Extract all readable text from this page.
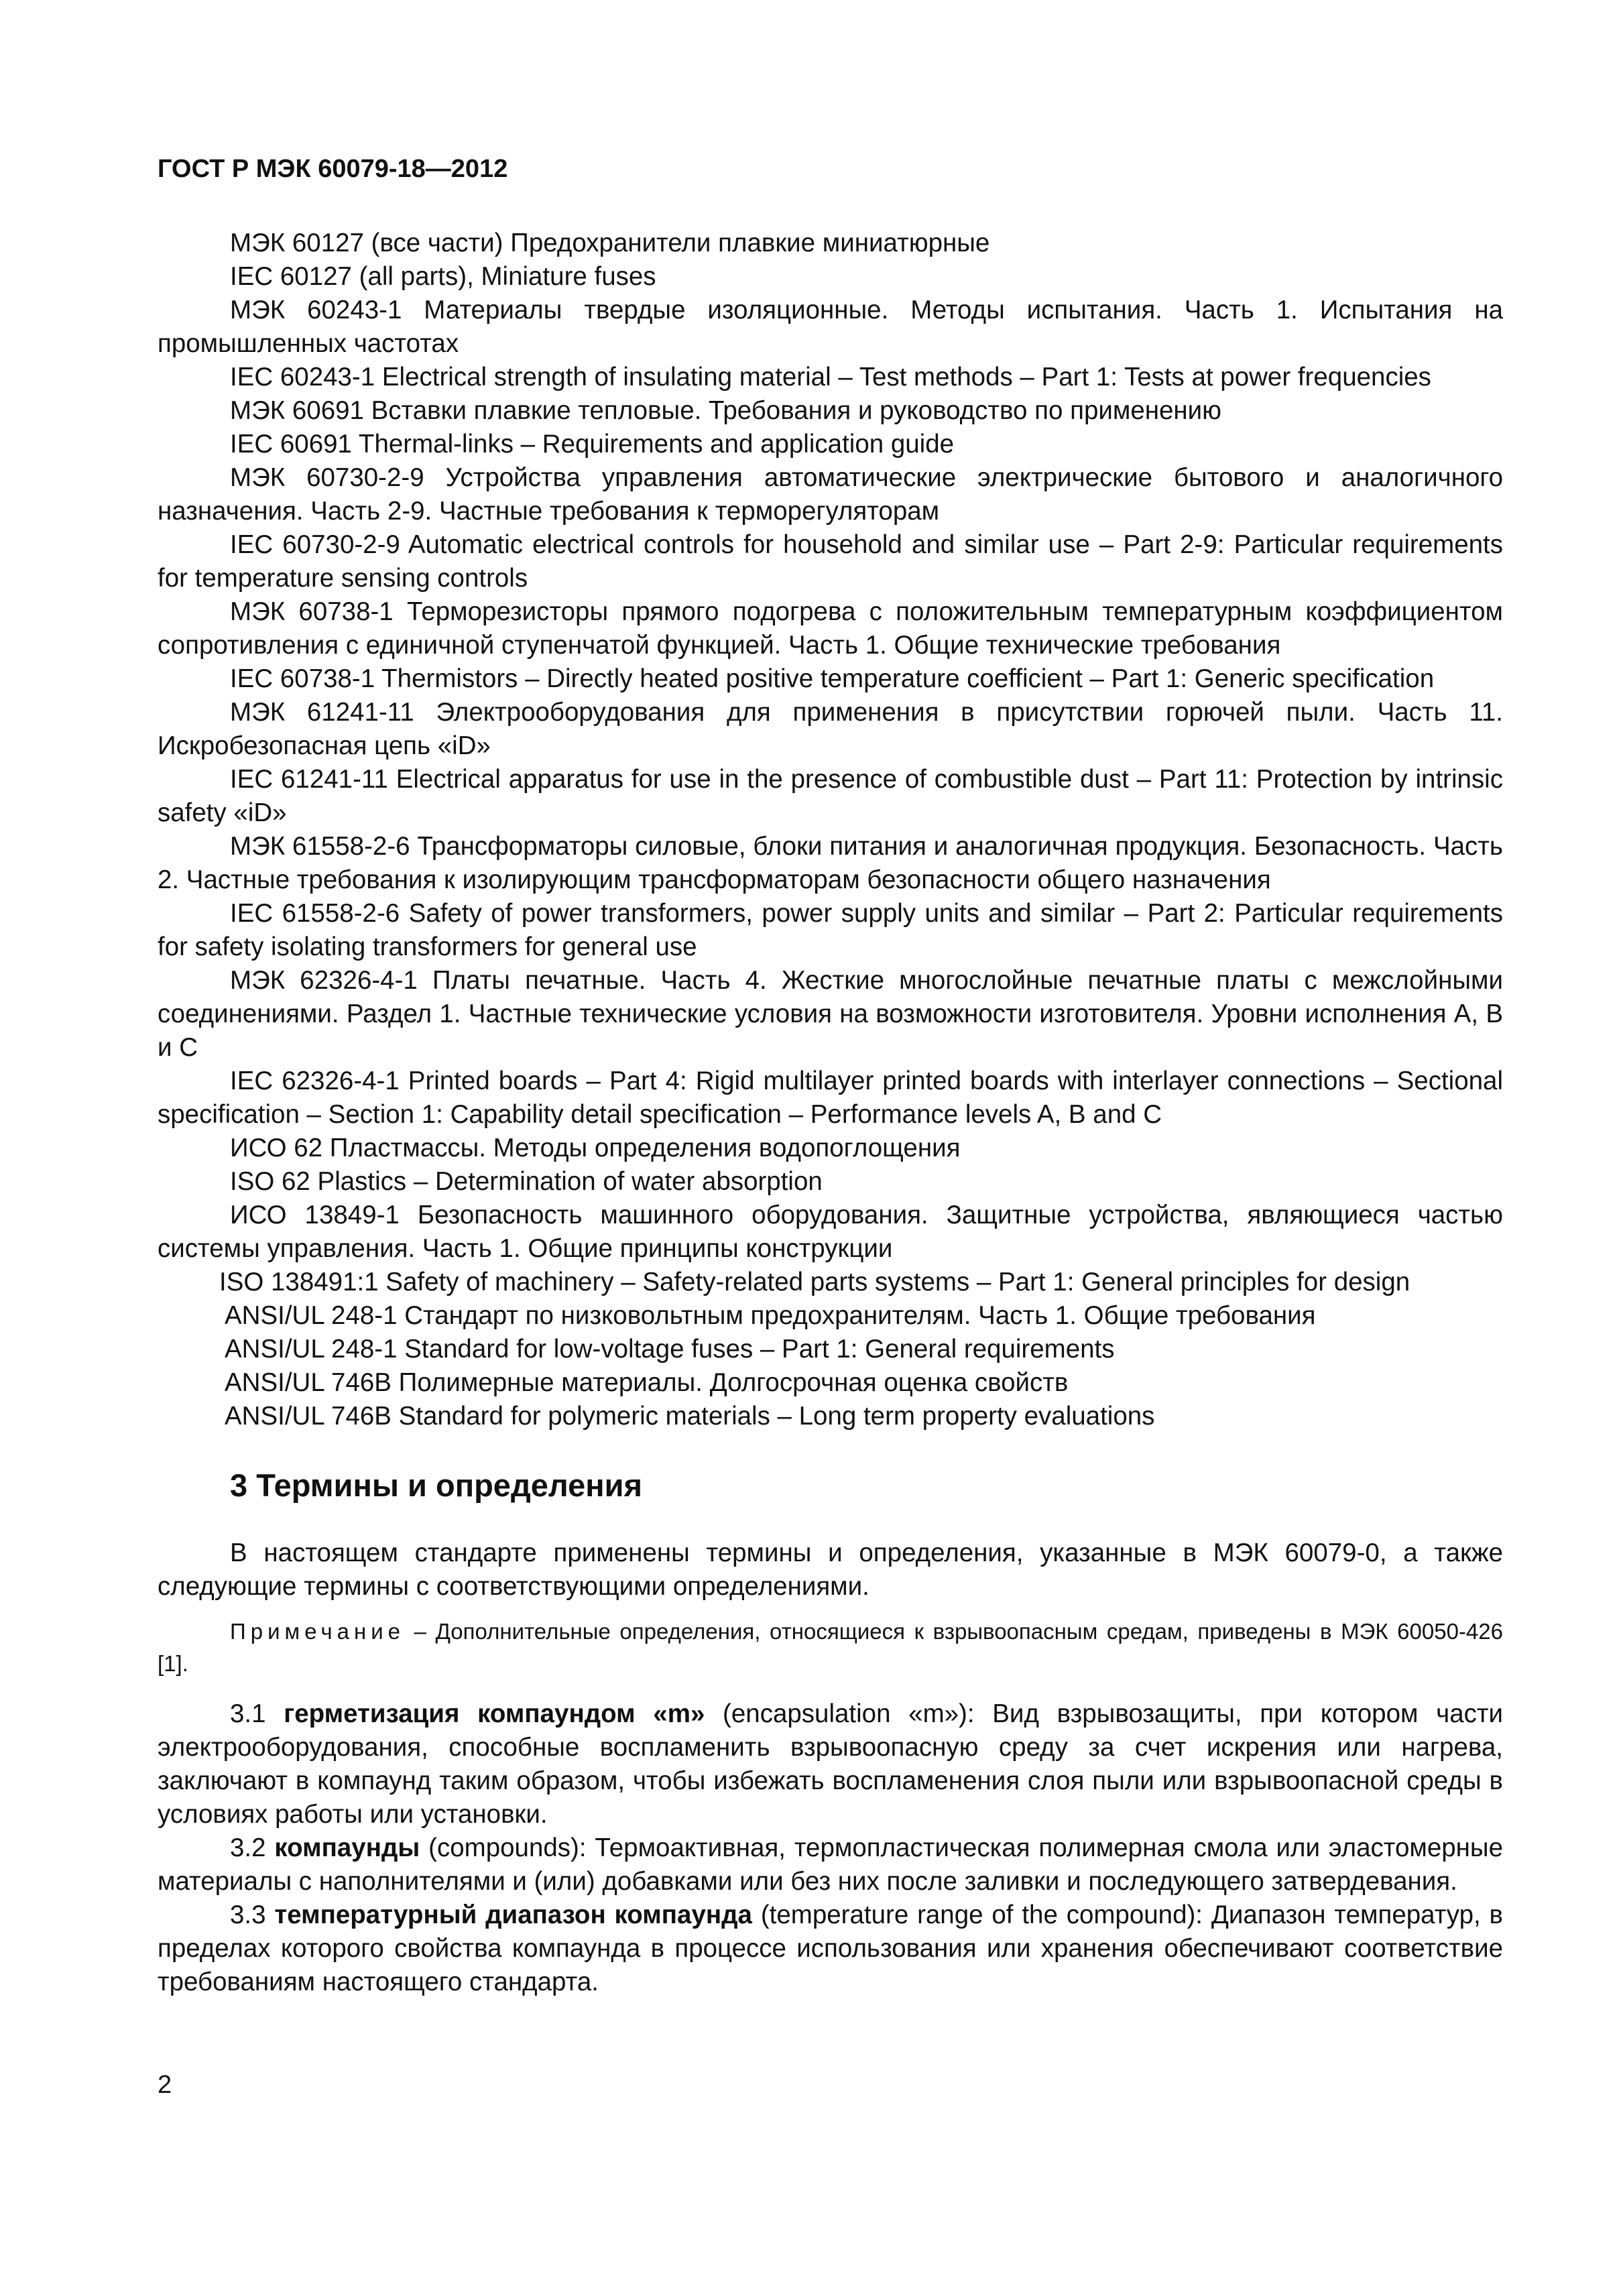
ГОСТ Р МЭК 60079-18—2012

МЭК 60127 (все части) Предохранители плавкие миниатюрные

IEC 60127 (all parts), Miniature fuses

МЭК 60243-1 Материалы твердые изоляционные. Методы испытания. Часть 1. Испытания на промышленных частотах

IEC 60243-1 Electrical strength of insulating material – Test methods – Part 1: Tests at power frequencies

МЭК 60691 Вставки плавкие тепловые. Требования и руководство по применению

IEC 60691 Thermal-links – Requirements and application guide

МЭК 60730-2-9 Устройства управления автоматические электрические бытового и аналогичного назначения. Часть 2-9. Частные требования к терморегуляторам

IEC 60730-2-9 Automatic electrical controls for household and similar use – Part 2-9: Particular requirements for temperature sensing controls

МЭК 60738-1 Терморезисторы прямого подогрева с положительным температурным коэффициентом сопротивления с единичной ступенчатой функцией. Часть 1. Общие технические требования

IEC 60738-1 Thermistors – Directly heated positive temperature coefficient – Part 1: Generic specification

МЭК 61241-11 Электрооборудования для применения в присутствии горючей пыли. Часть 11. Искробезопасная цепь «iD»

IEC 61241-11 Electrical apparatus for use in the presence of combustible dust – Part 11: Protection by intrinsic safety «iD»

МЭК 61558-2-6 Трансформаторы силовые, блоки питания и аналогичная продукция. Безопасность. Часть 2. Частные требования к изолирующим трансформаторам безопасности общего назначения

IEC 61558-2-6 Safety of power transformers, power supply units and similar – Part 2: Particular requirements for safety isolating transformers for general use

МЭК 62326-4-1 Платы печатные. Часть 4. Жесткие многослойные печатные платы с межслойными соединениями. Раздел 1. Частные технические условия на возможности изготовителя. Уровни исполнения А, В и С

IEC 62326-4-1 Printed boards – Part 4: Rigid multilayer printed boards with interlayer connections – Sectional specification – Section 1: Capability detail specification – Performance levels A, B and C

ИСО 62 Пластмассы. Методы определения водопоглощения

ISO 62 Plastics – Determination of water absorption

ИСО 13849-1 Безопасность машинного оборудования. Защитные устройства, являющиеся частью системы управления. Часть 1. Общие принципы конструкции

ISO 138491:1 Safety of machinery – Safety-related parts systems – Part 1: General principles for design

ANSI/UL 248-1 Стандарт по низковольтным предохранителям. Часть 1. Общие требования

ANSI/UL 248-1 Standard for low-voltage fuses – Part 1: General requirements

ANSI/UL 746B Полимерные материалы. Долгосрочная оценка свойств

ANSI/UL 746B Standard for polymeric materials – Long term property evaluations

3 Термины и определения

В настоящем стандарте применены термины и определения, указанные в МЭК 60079-0, а также следующие термины с соответствующими определениями.

Примечание – Дополнительные определения, относящиеся к взрывоопасным средам, приведены в МЭК 60050-426 [1].

3.1 герметизация компаундом «m» (encapsulation «m»): Вид взрывозащиты, при котором части электрооборудования, способные воспламенить взрывоопасную среду за счет искрения или нагрева, заключают в компаунд таким образом, чтобы избежать воспламенения слоя пыли или взрывоопасной среды в условиях работы или установки.

3.2 компаунды (compounds): Термоактивная, термопластическая полимерная смола или эластомерные материалы с наполнителями и (или) добавками или без них после заливки и последующего затвердевания.

3.3 температурный диапазон компаунда (temperature range of the compound): Диапазон температур, в пределах которого свойства компаунда в процессе использования или хранения обеспечивают соответствие требованиям настоящего стандарта.

2
